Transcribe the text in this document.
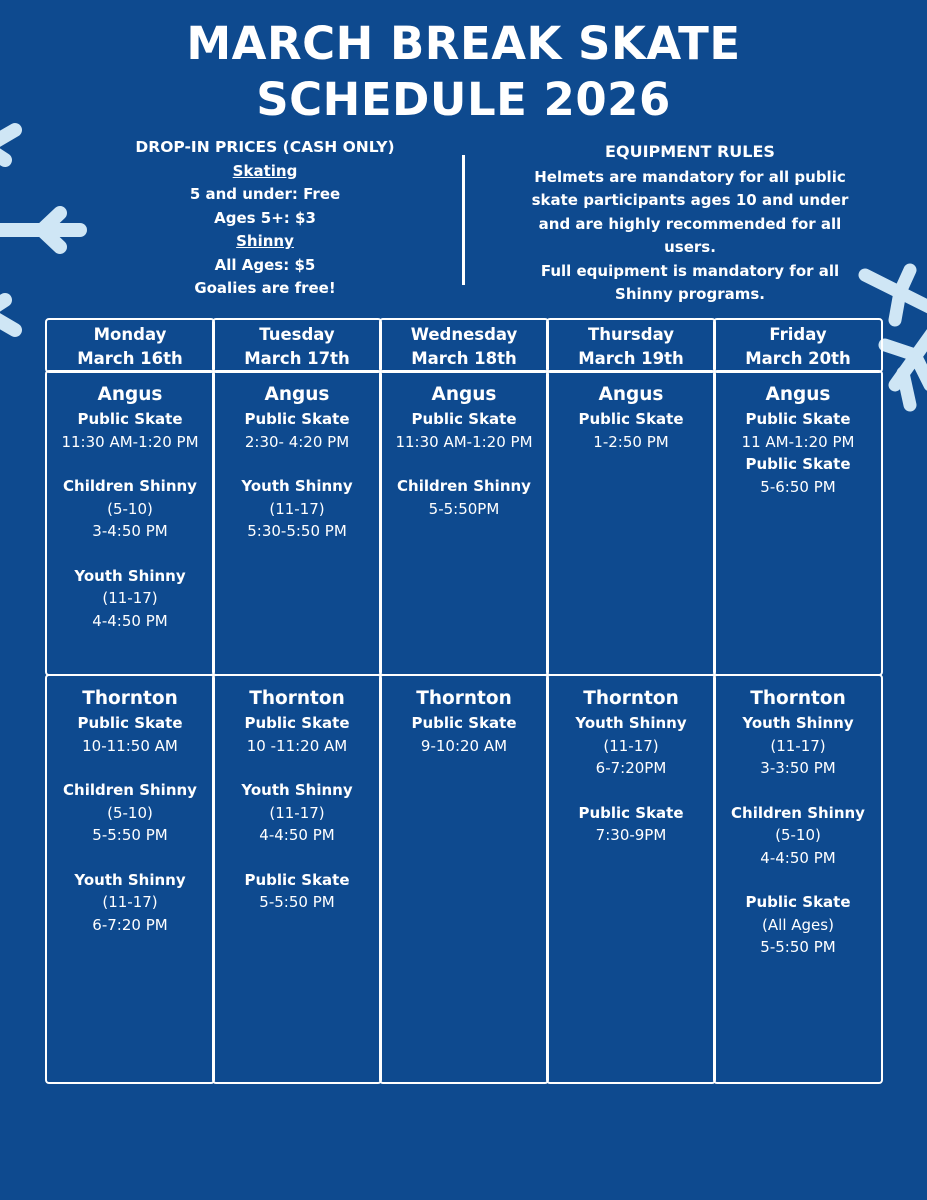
MARCH BREAK SKATE
SCHEDULE 2026
DROP-IN PRICES (CASH ONLY)
Skating
5 and under: Free
Ages 5+: $3
Shinny
All Ages: $5
Goalies are free!
EQUIPMENT RULES
Helmets are mandatory for all public
skate participants ages 10 and under
and are highly recommended for all
users.
Full equipment is mandatory for all
Shinny programs.
Monday
March 16th
Tuesday
March 17th
Wednesday
March 18th
Thursday
March 19th
Friday
March 20th
Angus
Public Skate
11:30 AM-1:20 PM
Children Shinny
(5-10)
3-4:50 PM
Youth Shinny
(11-17)
4-4:50 PM
Angus
Public Skate
2:30- 4:20 PM
Youth Shinny
(11-17)
5:30-5:50 PM
Angus
Public Skate
11:30 AM-1:20 PM
Children Shinny
5-5:50PM
Angus
Public Skate
1-2:50 PM
Angus
Public Skate
11 AM-1:20 PM
Public Skate
5-6:50 PM
Thornton
Public Skate
10-11:50 AM
Children Shinny
(5-10)
5-5:50 PM
Youth Shinny
(11-17)
6-7:20 PM
Thornton
Public Skate
10 -11:20 AM
Youth Shinny
(11-17)
4-4:50 PM
Public Skate
5-5:50 PM
Thornton
Public Skate
9-10:20 AM
Thornton
Youth Shinny
(11-17)
6-7:20PM
Public Skate
7:30-9PM
Thornton
Youth Shinny
(11-17)
3-3:50 PM
Children Shinny
(5-10)
4-4:50 PM
Public Skate
(All Ages)
5-5:50 PM
